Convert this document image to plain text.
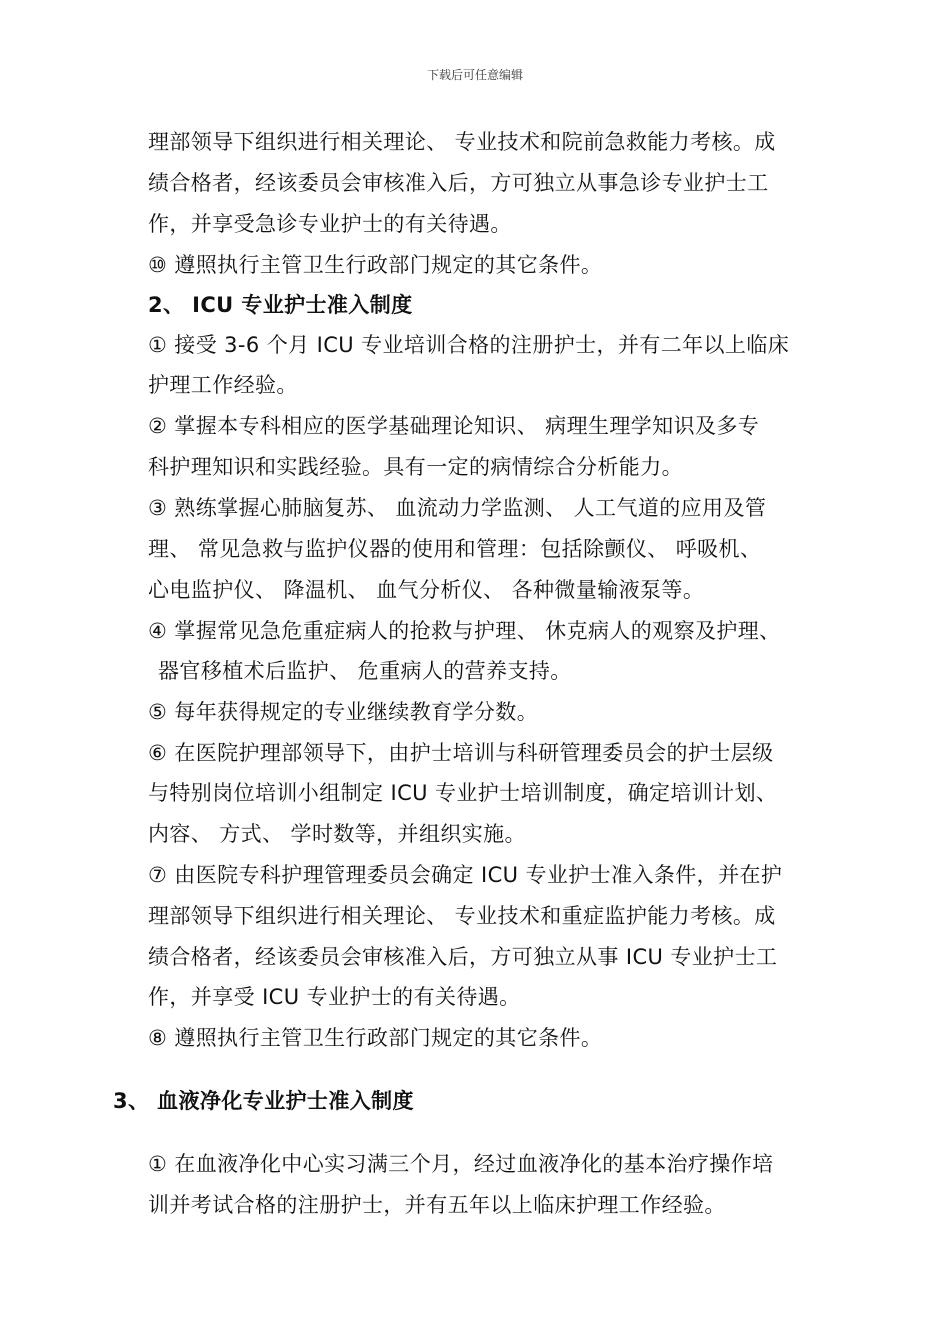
下载后可任意编辑
理部领导下组织进行相关理论、 专业技术和院前急救能力考核。成
绩合格者，经该委员会审核准入后，方可独立从事急诊专业护士工
作，并享受急诊专业护士的有关待遇。
⑩ 遵照执行主管卫生行政部门规定的其它条件。
2、 ICU 专业护士准入制度
① 接受 3-6 个月 ICU 专业培训合格的注册护士，并有二年以上临床
护理工作经验。
② 掌握本专科相应的医学基础理论知识、 病理生理学知识及多专
科护理知识和实践经验。具有一定的病情综合分析能力。
③ 熟练掌握心肺脑复苏、 血流动力学监测、 人工气道的应用及管
理、 常见急救与监护仪器的使用和管理：包括除颤仪、 呼吸机、
心电监护仪、 降温机、 血气分析仪、 各种微量输液泵等。
④ 掌握常见急危重症病人的抢救与护理、 休克病人的观察及护理、
器官移植术后监护、 危重病人的营养支持。
⑤ 每年获得规定的专业继续教育学分数。
⑥ 在医院护理部领导下，由护士培训与科研管理委员会的护士层级
与特别岗位培训小组制定 ICU 专业护士培训制度，确定培训计划、
内容、 方式、 学时数等，并组织实施。
⑦ 由医院专科护理管理委员会确定 ICU 专业护士准入条件，并在护
理部领导下组织进行相关理论、 专业技术和重症监护能力考核。成
绩合格者，经该委员会审核准入后，方可独立从事 ICU 专业护士工
作，并享受 ICU 专业护士的有关待遇。
⑧ 遵照执行主管卫生行政部门规定的其它条件。
3、 血液净化专业护士准入制度
① 在血液净化中心实习满三个月，经过血液净化的基本治疗操作培
训并考试合格的注册护士，并有五年以上临床护理工作经验。
